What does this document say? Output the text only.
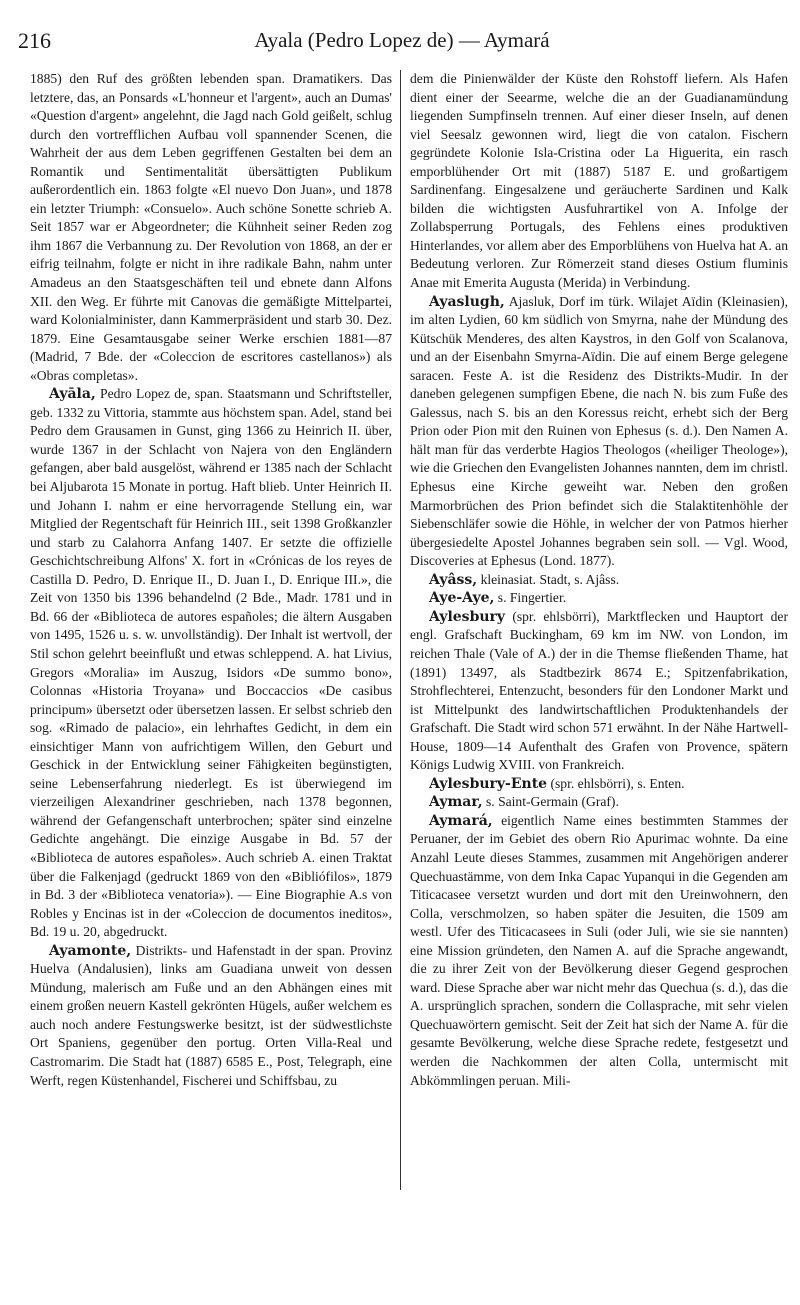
216	Ayala (Pedro Lopez de) — Aymará

1885) den Ruf des größten lebenden span. Dramatikers. Das letztere, das, an Ponsards «L'honneur et l'argent», auch an Dumas' «Question d'argent» angelehnt, die Jagd nach Gold geißelt, schlug durch den vortrefflichen Aufbau voll spannender Scenen, die Wahrheit der aus dem Leben gegriffenen Gestalten bei dem an Romantik und Sentimentalität übersättigten Publikum außerordentlich ein. 1863 folgte «El nuevo Don Juan», und 1878 ein letzter Triumph: «Consuelo». Auch schöne Sonette schrieb A. Seit 1857 war er Abgeordneter; die Kühnheit seiner Reden zog ihm 1867 die Verbannung zu. Der Revolution von 1868, an der er eifrig teilnahm, folgte er nicht in ihre radikale Bahn, nahm unter Amadeus an den Staatsgeschäften teil und ebnete dann Alfons XII. den Weg. Er führte mit Canovas die gemäßigte Mittelpartei, ward Kolonialminister, dann Kammerpräsident und starb 30. Dez. 1879. Eine Gesamtausgabe seiner Werke erschien 1881—87 (Madrid, 7 Bde. der «Coleccion de escritores castellanos») als «Obras completas».

Ayāla, Pedro Lopez de, span. Staatsmann und Schriftsteller, geb. 1332 zu Vittoria, stammte aus höchstem span. Adel, stand bei Pedro dem Grausamen in Gunst, ging 1366 zu Heinrich II. über, wurde 1367 in der Schlacht von Najera von den Engländern gefangen, aber bald ausgelöst, während er 1385 nach der Schlacht bei Aljubarota 15 Monate in portug. Haft blieb. Unter Heinrich II. und Johann I. nahm er eine hervorragende Stellung ein, war Mitglied der Regentschaft für Heinrich III., seit 1398 Großkanzler und starb zu Calahorra Anfang 1407. Er setzte die offizielle Geschichtschreibung Alfons' X. fort in «Crónicas de los reyes de Castilla D. Pedro, D. Enrique II., D. Juan I., D. Enrique III.», die Zeit von 1350 bis 1396 behandelnd (2 Bde., Madr. 1781 und in Bd. 66 der «Biblioteca de autores españoles; die ältern Ausgaben von 1495, 1526 u. s. w. unvollständig). Der Inhalt ist wertvoll, der Stil schon gelehrt beeinflußt und etwas schleppend. A. hat Livius, Gregors «Moralia» im Auszug, Isidors «De summo bono», Colonnas «Historia Troyana» und Boccaccios «De casibus principum» übersetzt oder übersetzen lassen. Er selbst schrieb den sog. «Rimado de palacio», ein lehrhaftes Gedicht, in dem ein einsichtiger Mann von aufrichtigem Willen, den Geburt und Geschick in der Entwicklung seiner Fähigkeiten begünstigten, seine Lebenserfahrung niederlegt. Es ist überwiegend im vierzeiligen Alexandriner geschrieben, nach 1378 begonnen, während der Gefangenschaft unterbrochen; später sind einzelne Gedichte angehängt. Die einzige Ausgabe in Bd. 57 der «Biblioteca de autores españoles». Auch schrieb A. einen Traktat über die Falkenjagd (gedruckt 1869 von den «Bibliófilos», 1879 in Bd. 3 der «Biblioteca venatoria»). — Eine Biographie A.s von Robles y Encinas ist in der «Coleccion de documentos ineditos», Bd. 19 u. 20, abgedruckt.

Ayamonte, Distrikts- und Hafenstadt in der span. Provinz Huelva (Andalusien), links am Guadiana unweit von dessen Mündung, malerisch am Fuße und an den Abhängen eines mit einem großen neuern Kastell gekrönten Hügels, außer welchem es auch noch andere Festungswerke besitzt, ist der südwestlichste Ort Spaniens, gegenüber den portug. Orten Villa-Real und Castromarim. Die Stadt hat (1887) 6585 E., Post, Telegraph, eine Werft, regen Küstenhandel, Fischerei und Schiffsbau, zu

dem die Pinienwälder der Küste den Rohstoff liefern. Als Hafen dient einer der Seearme, welche die an der Guadianamündung liegenden Sumpfinseln trennen. Auf einer dieser Inseln, auf denen viel Seesalz gewonnen wird, liegt die von catalon. Fischern gegründete Kolonie Isla-Cristina oder La Higuerita, ein rasch emporblühender Ort mit (1887) 5187 E. und großartigem Sardinenfang. Eingesalzene und geräucherte Sardinen und Kalk bilden die wichtigsten Ausfuhrartikel von A. Infolge der Zollabsperrung Portugals, des Fehlens eines produktiven Hinterlandes, vor allem aber des Emporblühens von Huelva hat A. an Bedeutung verloren. Zur Römerzeit stand dieses Ostium fluminis Anae mit Emerita Augusta (Merida) in Verbindung.

Ayaslugh, Ajasluk, Dorf im türk. Wilajet Aïdin (Kleinasien), im alten Lydien, 60 km südlich von Smyrna, nahe der Mündung des Kütschük Menderes, des alten Kaystros, in den Golf von Scalanova, und an der Eisenbahn Smyrna-Aïdin. Die auf einem Berge gelegene saracen. Feste A. ist die Residenz des Distrikts-Mudir. In der daneben gelegenen sumpfigen Ebene, die nach N. bis zum Fuße des Galessus, nach S. bis an den Koressus reicht, erhebt sich der Berg Prion oder Pion mit den Ruinen von Ephesus (s. d.). Den Namen A. hält man für das verderbte Hagios Theologos («heiliger Theologe»), wie die Griechen den Evangelisten Johannes nannten, dem im christl. Ephesus eine Kirche geweiht war. Neben den großen Marmorbrüchen des Prion befindet sich die Stalaktitenhöhle der Siebenschläfer sowie die Höhle, in welcher der von Patmos hierher übergesiedelte Apostel Johannes begraben sein soll. — Vgl. Wood, Discoveries at Ephesus (Lond. 1877).

Ayâss, kleinasiat. Stadt, s. Ajâss.

Aye-Aye, s. Fingertier.

Aylesbury (spr. ehlsbörri), Marktflecken und Hauptort der engl. Grafschaft Buckingham, 69 km im NW. von London, im reichen Thale (Vale of A.) der in die Themse fließenden Thame, hat (1891) 13497, als Stadtbezirk 8674 E.; Spitzenfabrikation, Strohflechterei, Entenzucht, besonders für den Londoner Markt und ist Mittelpunkt des landwirtschaftlichen Produktenhandels der Grafschaft. Die Stadt wird schon 571 erwähnt. In der Nähe Hartwell-House, 1809—14 Aufenthalt des Grafen von Provence, spätern Königs Ludwig XVIII. von Frankreich.

Aylesbury-Ente (spr. ehlsbörri), s. Enten.

Aymar, s. Saint-Germain (Graf).

Aymará, eigentlich Name eines bestimmten Stammes der Peruaner, der im Gebiet des obern Rio Apurimac wohnte. Da eine Anzahl Leute dieses Stammes, zusammen mit Angehörigen anderer Quechuastämme, von dem Inka Capac Yupanqui in die Gegenden am Titicacasee versetzt wurden und dort mit den Ureinwohnern, den Colla, verschmolzen, so haben später die Jesuiten, die 1509 am westl. Ufer des Titicacasees in Suli (oder Juli, wie sie sie nannten) eine Mission gründeten, den Namen A. auf die Sprache angewandt, die zu ihrer Zeit von der Bevölkerung dieser Gegend gesprochen ward. Diese Sprache aber war nicht mehr das Quechua (s. d.), das die A. ursprünglich sprachen, sondern die Collasprache, mit sehr vielen Quechuawörtern gemischt. Seit der Zeit hat sich der Name A. für die gesamte Bevölkerung, welche diese Sprache redete, festgesetzt und werden die Nachkommen der alten Colla, untermischt mit Abkömmlingen peruan. Mili-
